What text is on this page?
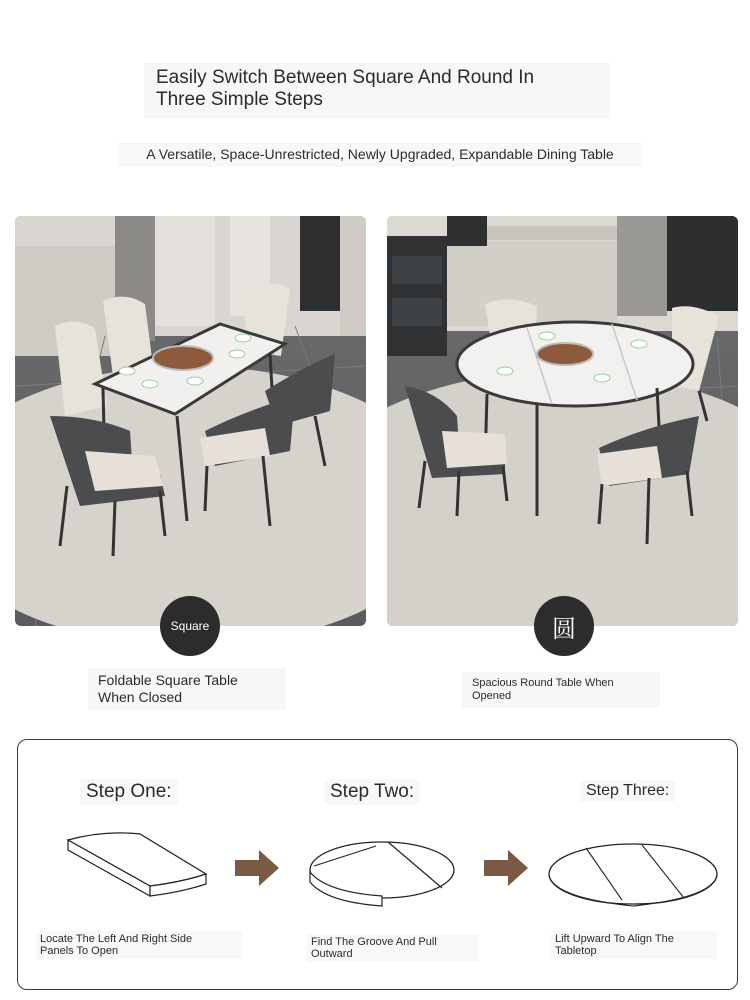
Easily Switch Between Square And Round In
Three Simple Steps
A Versatile, Space-Unrestricted, Newly Upgraded, Expandable Dining Table
Square	圆
Foldable Square Table
When Closed
Spacious Round Table When
Opened
Step One:	Step Two:	Step Three:
Locate The Left And Right Side
Panels To Open
Find The Groove And Pull
Outward
Lift Upward To Align The
Tabletop
